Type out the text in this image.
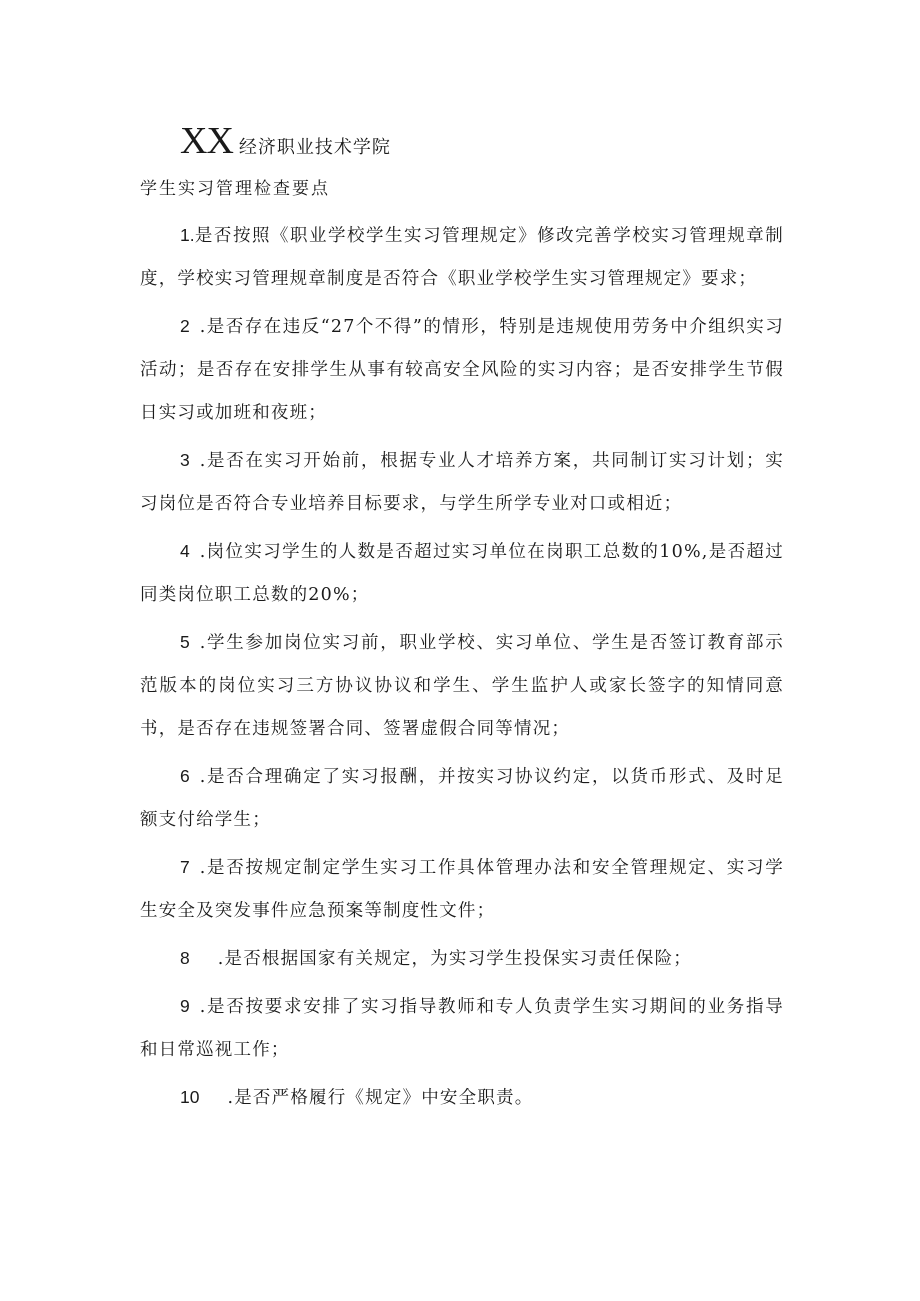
XX 经济职业技术学院
学生实习管理检查要点

1.是否按照《职业学校学生实习管理规定》修改完善学校实习管理规章制度，学校实习管理规章制度是否符合《职业学校学生实习管理规定》要求；

2 .是否存在违反“27个不得”的情形，特别是违规使用劳务中介组织实习活动；是否存在安排学生从事有较高安全风险的实习内容；是否安排学生节假日实习或加班和夜班；

3 .是否在实习开始前，根据专业人才培养方案，共同制订实习计划；实习岗位是否符合专业培养目标要求，与学生所学专业对口或相近；

4 .岗位实习学生的人数是否超过实习单位在岗职工总数的10%,是否超过同类岗位职工总数的20%；

5 .学生参加岗位实习前，职业学校、实习单位、学生是否签订教育部示范版本的岗位实习三方协议协议和学生、学生监护人或家长签字的知情同意书，是否存在违规签署合同、签署虚假合同等情况；

6 .是否合理确定了实习报酬，并按实习协议约定，以货币形式、及时足额支付给学生；

7 .是否按规定制定学生实习工作具体管理办法和安全管理规定、实习学生安全及突发事件应急预案等制度性文件；

8 .是否根据国家有关规定，为实习学生投保实习责任保险；

9 .是否按要求安排了实习指导教师和专人负责学生实习期间的业务指导和日常巡视工作；

10 .是否严格履行《规定》中安全职责。
